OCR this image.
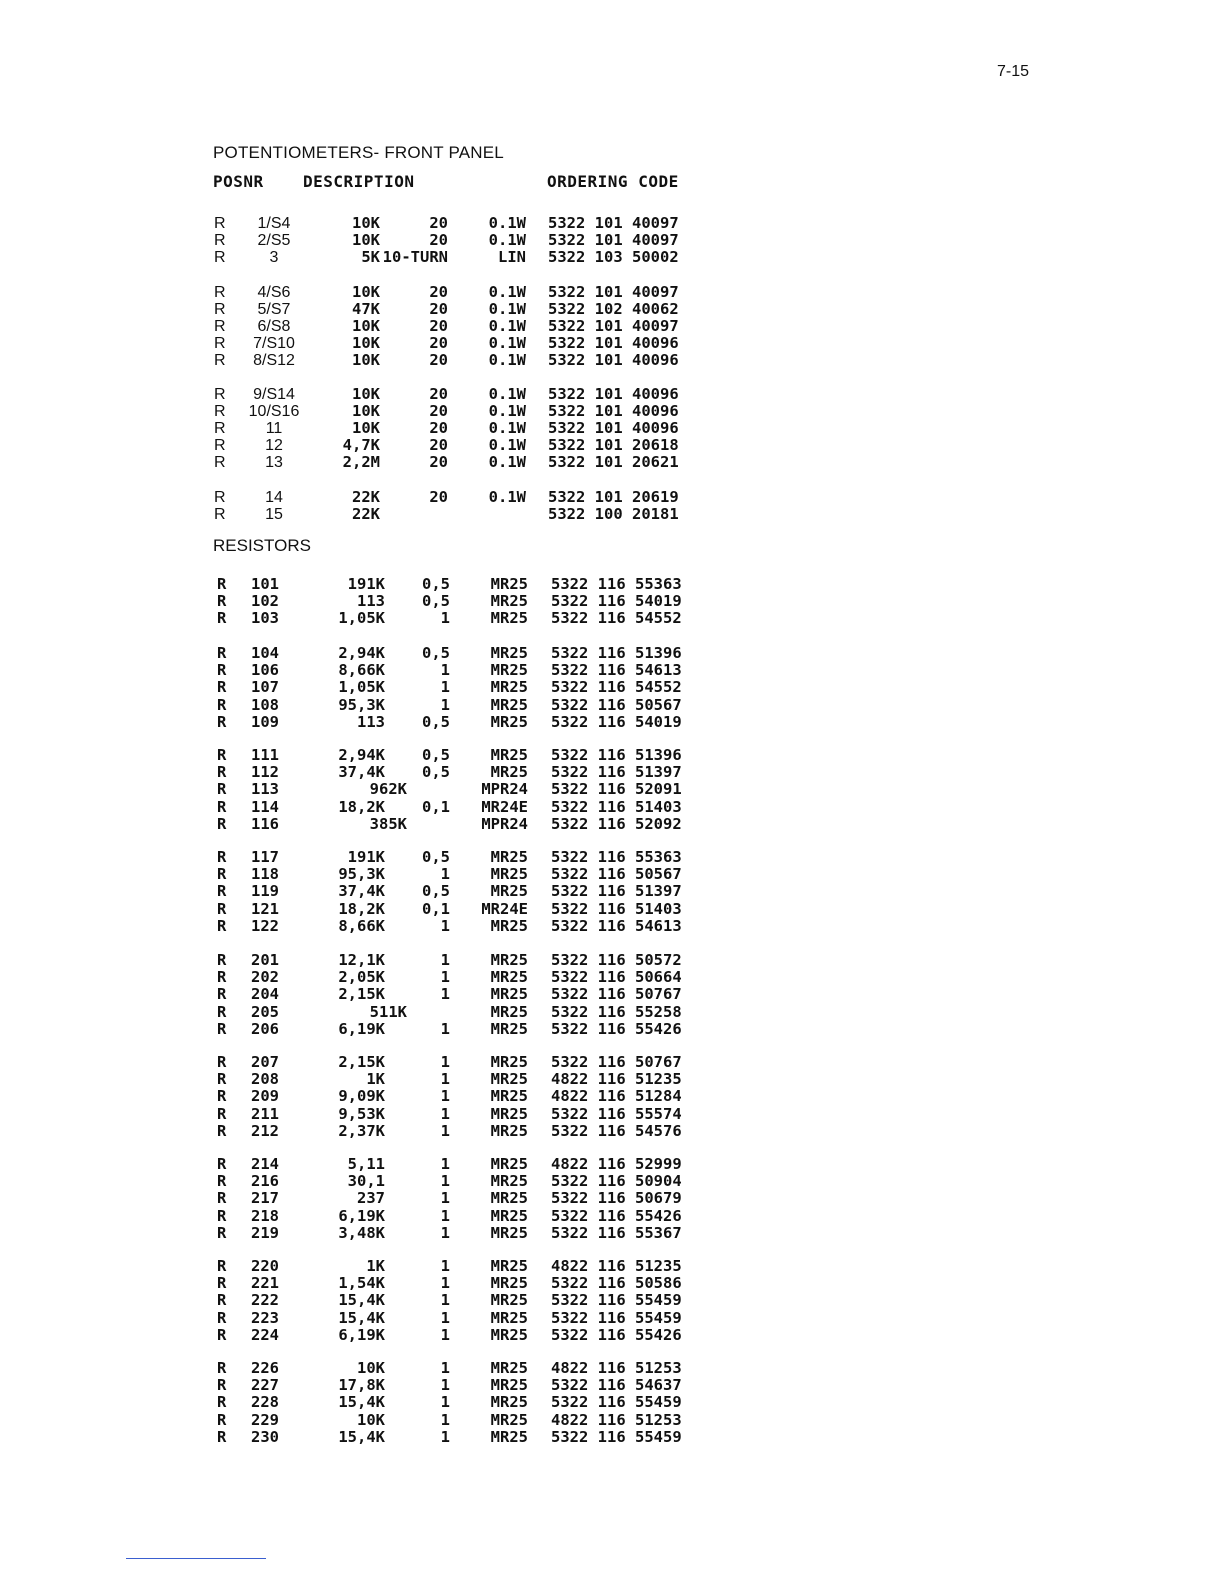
7-15
POTENTIOMETERS- FRONT PANEL
POSNR DESCRIPTION	ORDERING CODE
R	1/S4	10K	20	0.1W 5322 101 40097
R	2/S5	10K	20	0.1W 5322 101 40097
R	3	5K 10-TURN	LIN 5322 103 50002
R	4/S6	10K	20	0.1W 5322 101 40097
R	5/S7	47K	20	0.1W 5322 102 40062
R	6/S8	10K	20	0.1W 5322 101 40097
R	7/S10	10K	20	0.1W 5322 101 40096
R	8/S12	10K	20	0.1W 5322 101 40096
R	9/S14	10K	20	0.1W 5322 101 40096
R 10/S16	10K	20	0.1W 5322 101 40096
R	11	10K	20	0.1W 5322 101 40096
R	12	4,7K	20	0.1W 5322 101 20618
R	13	2,2M	20	0.1W 5322 101 20621
R	14	22K	20	0.1W 5322 101 20619
R	15	22K	5322 100 20181
RESISTORS
R 101	191K 0,5	MR25 5322 116 55363
R 102	113 0,5	MR25 5322 116 54019
R 103	1,05K	1	MR25 5322 116 54552
R 104	2,94K 0,5	MR25 5322 116 51396
R 106	8,66K	1	MR25 5322 116 54613
R 107	1,05K	1	MR25 5322 116 54552
R 108	95,3K	1	MR25 5322 116 50567
R 109	113 0,5	MR25 5322 116 54019
R 111	2,94K 0,5	MR25 5322 116 51396
R 112	37,4K 0,5	MR25 5322 116 51397
R 113	962K	MPR24 5322 116 52091
R 114	18,2K 0,1 MR24E 5322 116 51403
R 116	385K	MPR24 5322 116 52092
R 117	191K 0,5	MR25 5322 116 55363
R 118	95,3K	1	MR25 5322 116 50567
R 119	37,4K 0,5	MR25 5322 116 51397
R 121	18,2K 0,1 MR24E 5322 116 51403
R 122	8,66K	1	MR25 5322 116 54613
R 201	12,1K	1	MR25 5322 116 50572
R 202	2,05K	1	MR25 5322 116 50664
R 204	2,15K	1	MR25 5322 116 50767
R 205	511K	MR25 5322 116 55258
R 206	6,19K	1	MR25 5322 116 55426
R 207	2,15K	1	MR25 5322 116 50767
R 208	1K	1	MR25 4822 116 51235
R 209	9,09K	1	MR25 4822 116 51284
R 211	9,53K	1	MR25 5322 116 55574
R 212	2,37K	1	MR25 5322 116 54576
R 214	5,11	1	MR25 4822 116 52999
R 216	30,1	1	MR25 5322 116 50904
R 217	237	1	MR25 5322 116 50679
R 218	6,19K	1	MR25 5322 116 55426
R 219	3,48K	1	MR25 5322 116 55367
R 220	1K	1	MR25 4822 116 51235
R 221	1,54K	1	MR25 5322 116 50586
R 222	15,4K	1	MR25 5322 116 55459
R 223	15,4K	1	MR25 5322 116 55459
R 224	6,19K	1	MR25 5322 116 55426
R 226	10K	1	MR25 4822 116 51253
R 227	17,8K	1	MR25 5322 116 54637
R 228	15,4K	1	MR25 5322 116 55459
R 229	10K	1	MR25 4822 116 51253
R 230	15,4K	1	MR25 5322 116 55459
